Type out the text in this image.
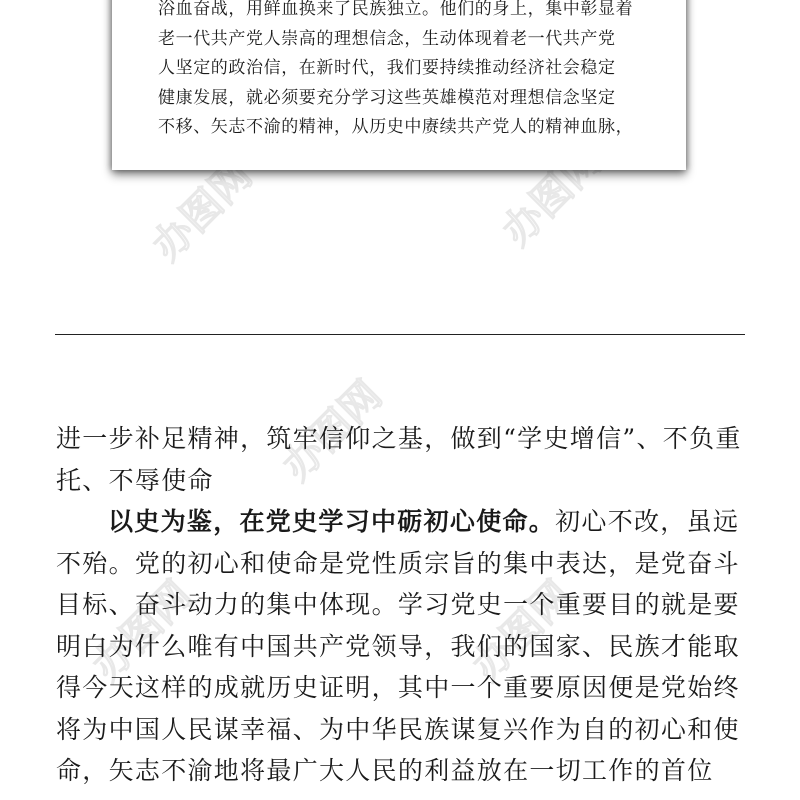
办图网	办图网
办图网
办图网
办图网

浴血奋战，用鲜血换来了民族独立。他们的身上，集中彰显着
老一代共产党人崇高的理想信念，生动体现着老一代共产党
人坚定的政治信，在新时代，我们要持续推动经济社会稳定
健康发展，就必须要充分学习这些英雄模范对理想信念坚定
不移、矢志不渝的精神，从历史中赓续共产党人的精神血脉，

进一步补足精神，筑牢信仰之基，做到“学史增信”、不负重
托、不辱使命
以史为鉴，在党史学习中砺初心使命。初心不改，虽远
不殆。党的初心和使命是党性质宗旨的集中表达，是党奋斗
目标、奋斗动力的集中体现。学习党史一个重要目的就是要
明白为什么唯有中国共产党领导，我们的国家、民族才能取
得今天这样的成就历史证明，其中一个重要原因便是党始终
将为中国人民谋幸福、为中华民族谋复兴作为自的初心和使
命，矢志不渝地将最广大人民的利益放在一切工作的首位
